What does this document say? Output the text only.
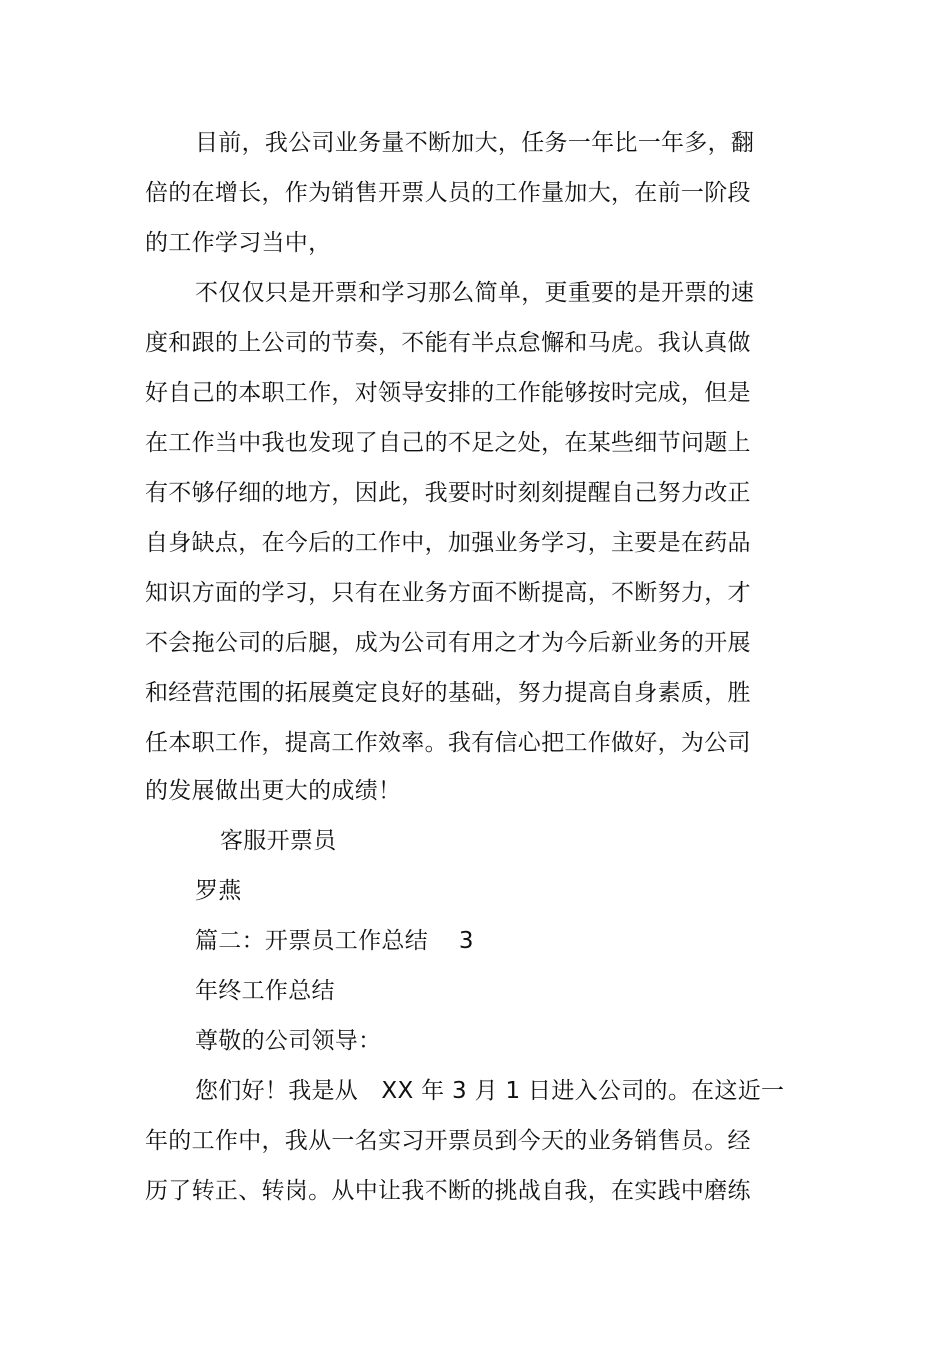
目前，我公司业务量不断加大，任务一年比一年多，翻
倍的在增长，作为销售开票人员的工作量加大，在前一阶段
的工作学习当中，
不仅仅只是开票和学习那么简单，更重要的是开票的速
度和跟的上公司的节奏，不能有半点怠懈和马虎。我认真做
好自己的本职工作，对领导安排的工作能够按时完成，但是
在工作当中我也发现了自己的不足之处，在某些细节问题上
有不够仔细的地方，因此，我要时时刻刻提醒自己努力改正
自身缺点，在今后的工作中，加强业务学习，主要是在药品
知识方面的学习，只有在业务方面不断提高，不断努力，才
不会拖公司的后腿，成为公司有用之才为今后新业务的开展
和经营范围的拓展奠定良好的基础，努力提高自身素质，胜
任本职工作，提高工作效率。我有信心把工作做好，为公司
的发展做出更大的成绩！
客服开票员
罗燕
篇二：开票员工作总结　 3
年终工作总结
尊敬的公司领导：
您们好！我是从　XX 年 3 月 1 日进入公司的。在这近一
年的工作中，我从一名实习开票员到今天的业务销售员。经
历了转正、转岗。从中让我不断的挑战自我，在实践中磨练
